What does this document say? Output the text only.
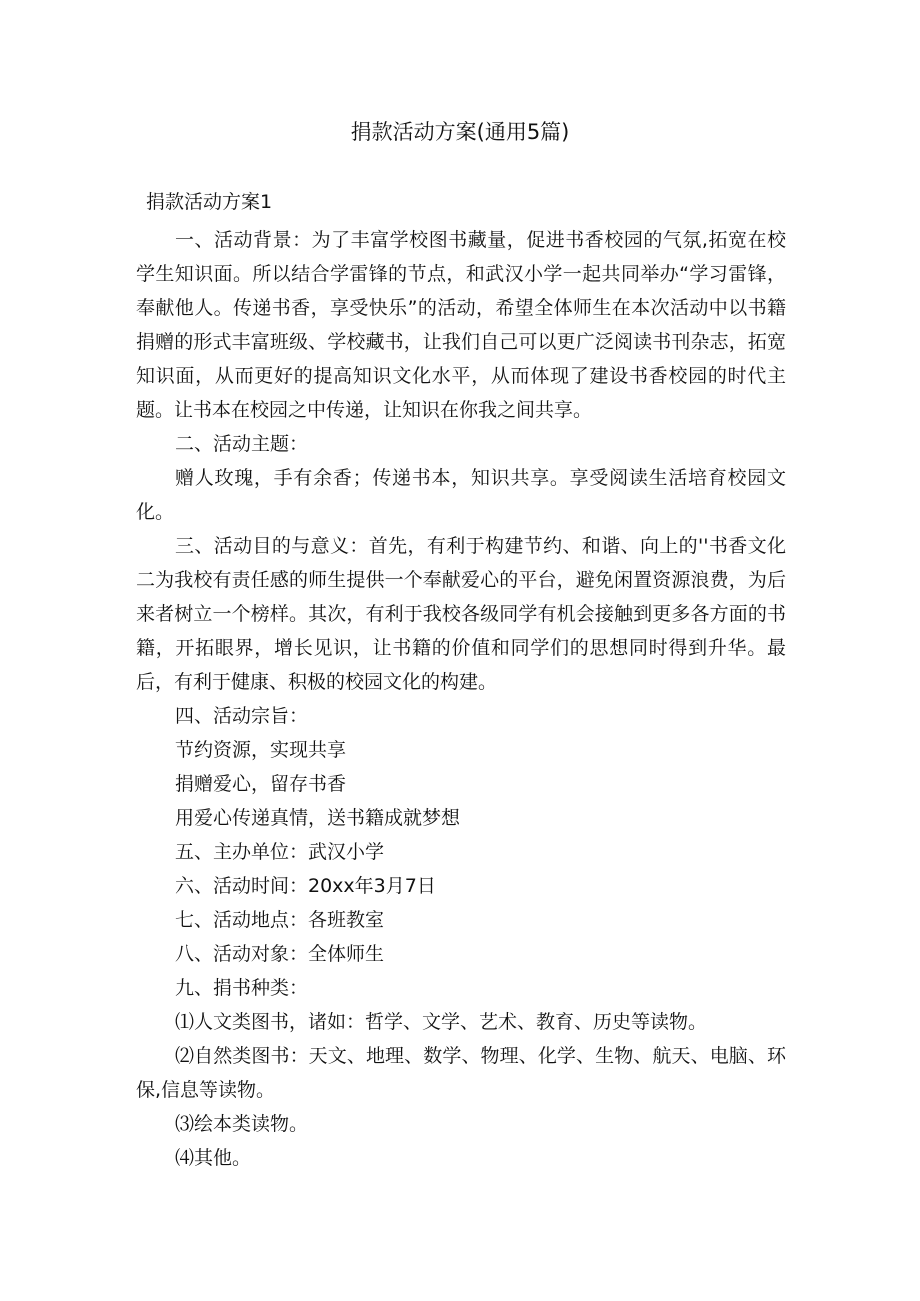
捐款活动方案(通用5篇)
捐款活动方案1

一、活动背景：为了丰富学校图书藏量，促进书香校园的气氛,拓宽在校学生知识面。所以结合学雷锋的节点，和武汉小学一起共同举办“学习雷锋，奉献他人。传递书香，享受快乐”的活动，希望全体师生在本次活动中以书籍捐赠的形式丰富班级、学校藏书，让我们自己可以更广泛阅读书刊杂志，拓宽知识面，从而更好的提高知识文化水平，从而体现了建设书香校园的时代主题。让书本在校园之中传递，让知识在你我之间共享。

二、活动主题：

赠人玫瑰，手有余香；传递书本，知识共享。享受阅读生活培育校园文化。

三、活动目的与意义：首先，有利于构建节约、和谐、向上的''书香文化二为我校有责任感的师生提供一个奉献爱心的平台，避免闲置资源浪费，为后来者树立一个榜样。其次，有利于我校各级同学有机会接触到更多各方面的书籍，开拓眼界，增长见识，让书籍的价值和同学们的思想同时得到升华。最后，有利于健康、积极的校园文化的构建。

四、活动宗旨：

节约资源，实现共享

捐赠爱心，留存书香

用爱心传递真情，送书籍成就梦想

五、主办单位：武汉小学

六、活动时间：20xx年3月7日

七、活动地点：各班教室

八、活动对象：全体师生

九、捐书种类：

⑴人文类图书，诸如：哲学、文学、艺术、教育、历史等读物。

⑵自然类图书：天文、地理、数学、物理、化学、生物、航天、电脑、环保,信息等读物。

⑶绘本类读物。

⑷其他。
